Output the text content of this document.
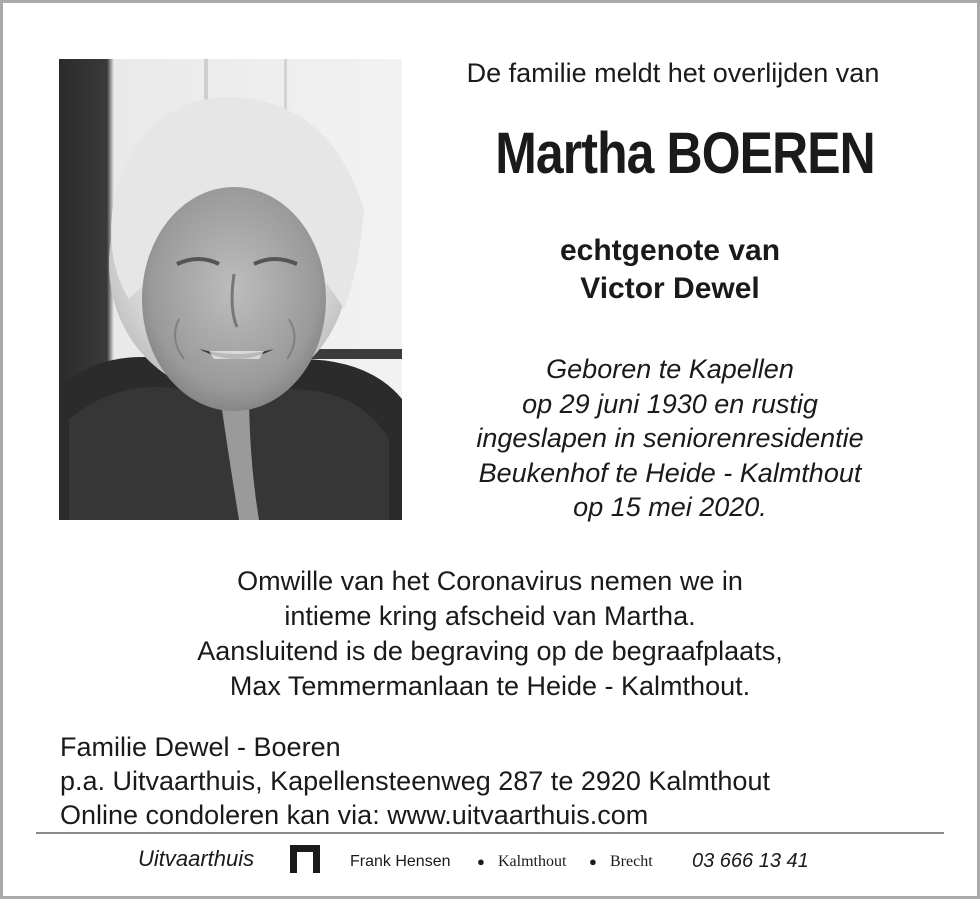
De familie meldt het overlijden van
Martha BOEREN
echtgenote van
Victor Dewel
Geboren te Kapellen
op 29 juni 1930 en rustig
ingeslapen in seniorenresidentie
Beukenhof te Heide - Kalmthout
op 15 mei 2020.
Omwille van het Coronavirus nemen we in
intieme kring afscheid van Martha.
Aansluitend is de begraving op de begraafplaats,
Max Temmermanlaan te Heide - Kalmthout.
Familie Dewel - Boeren
p.a. Uitvaarthuis, Kapellensteenweg 287 te 2920 Kalmthout
Online condoleren kan via: www.uitvaarthuis.com
Uitvaarthuis	Frank Hensen ● Kalmthout ● Brecht 03 666 13 41
